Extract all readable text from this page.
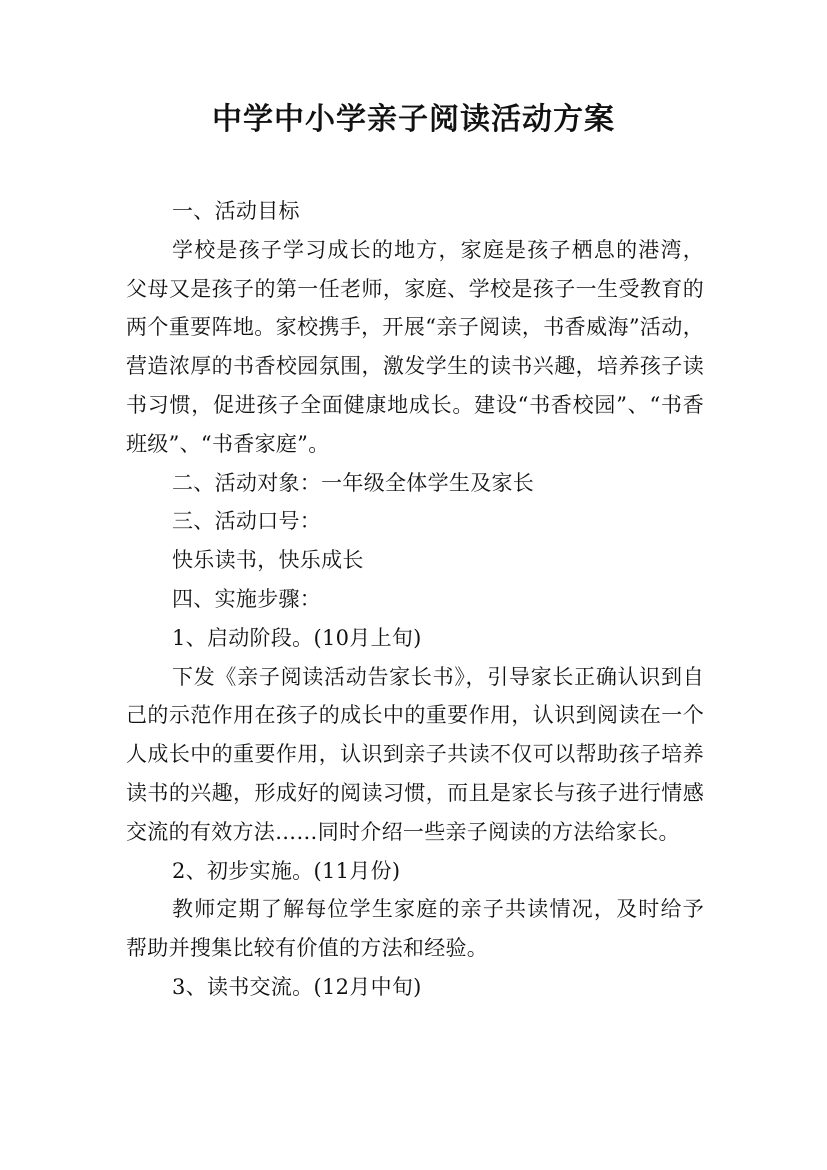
中学中小学亲子阅读活动方案

一、活动目标

学校是孩子学习成长的地方，家庭是孩子栖息的港湾，父母又是孩子的第一任老师，家庭、学校是孩子一生受教育的两个重要阵地。家校携手，开展“亲子阅读，书香威海”活动，营造浓厚的书香校园氛围，激发学生的读书兴趣，培养孩子读书习惯，促进孩子全面健康地成长。建设“书香校园”、“书香班级”、“书香家庭”。

二、活动对象：一年级全体学生及家长

三、活动口号：

快乐读书，快乐成长

四、实施步骤：

1、启动阶段。(10月上旬)

下发《亲子阅读活动告家长书》，引导家长正确认识到自己的示范作用在孩子的成长中的重要作用，认识到阅读在一个人成长中的重要作用，认识到亲子共读不仅可以帮助孩子培养读书的兴趣，形成好的阅读习惯，而且是家长与孩子进行情感交流的有效方法……同时介绍一些亲子阅读的方法给家长。

2、初步实施。(11月份)

教师定期了解每位学生家庭的亲子共读情况，及时给予帮助并搜集比较有价值的方法和经验。

3、读书交流。(12月中旬)
